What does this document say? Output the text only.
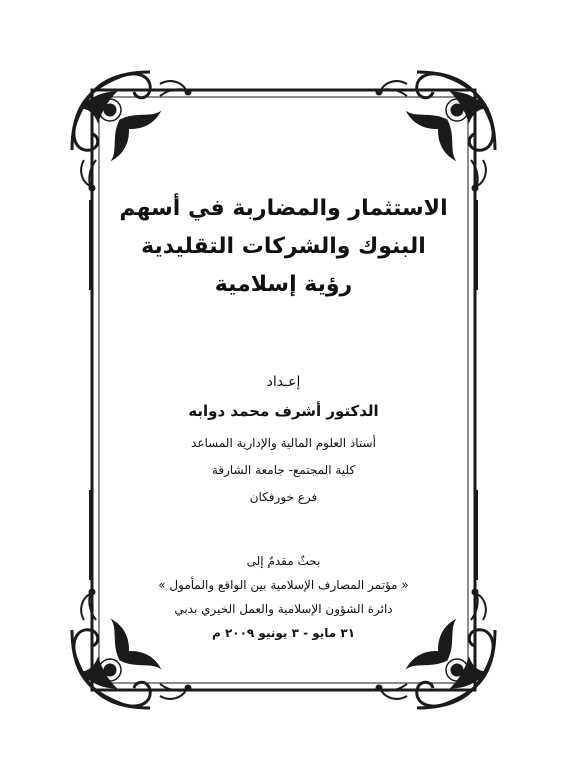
الاستثمار والمضاربة في أسهم

البنوك والشركات التقليدية

رؤية إسلامية

إعـداد
الدكتور أشرف محمد دوابه
أستاذ العلوم المالية والإدارية المساعد
كلية المجتمع- جامعة الشارقة
فرع خورفكان
بحثٌ مقدمٌ إلى
« مؤتمر المصارف الإسلامية بين الواقع والمأمول »
دائرة الشؤون الإسلامية والعمل الخيري بدبي
٣١ مايو - ٣ يونيو ٢٠٠٩ م
